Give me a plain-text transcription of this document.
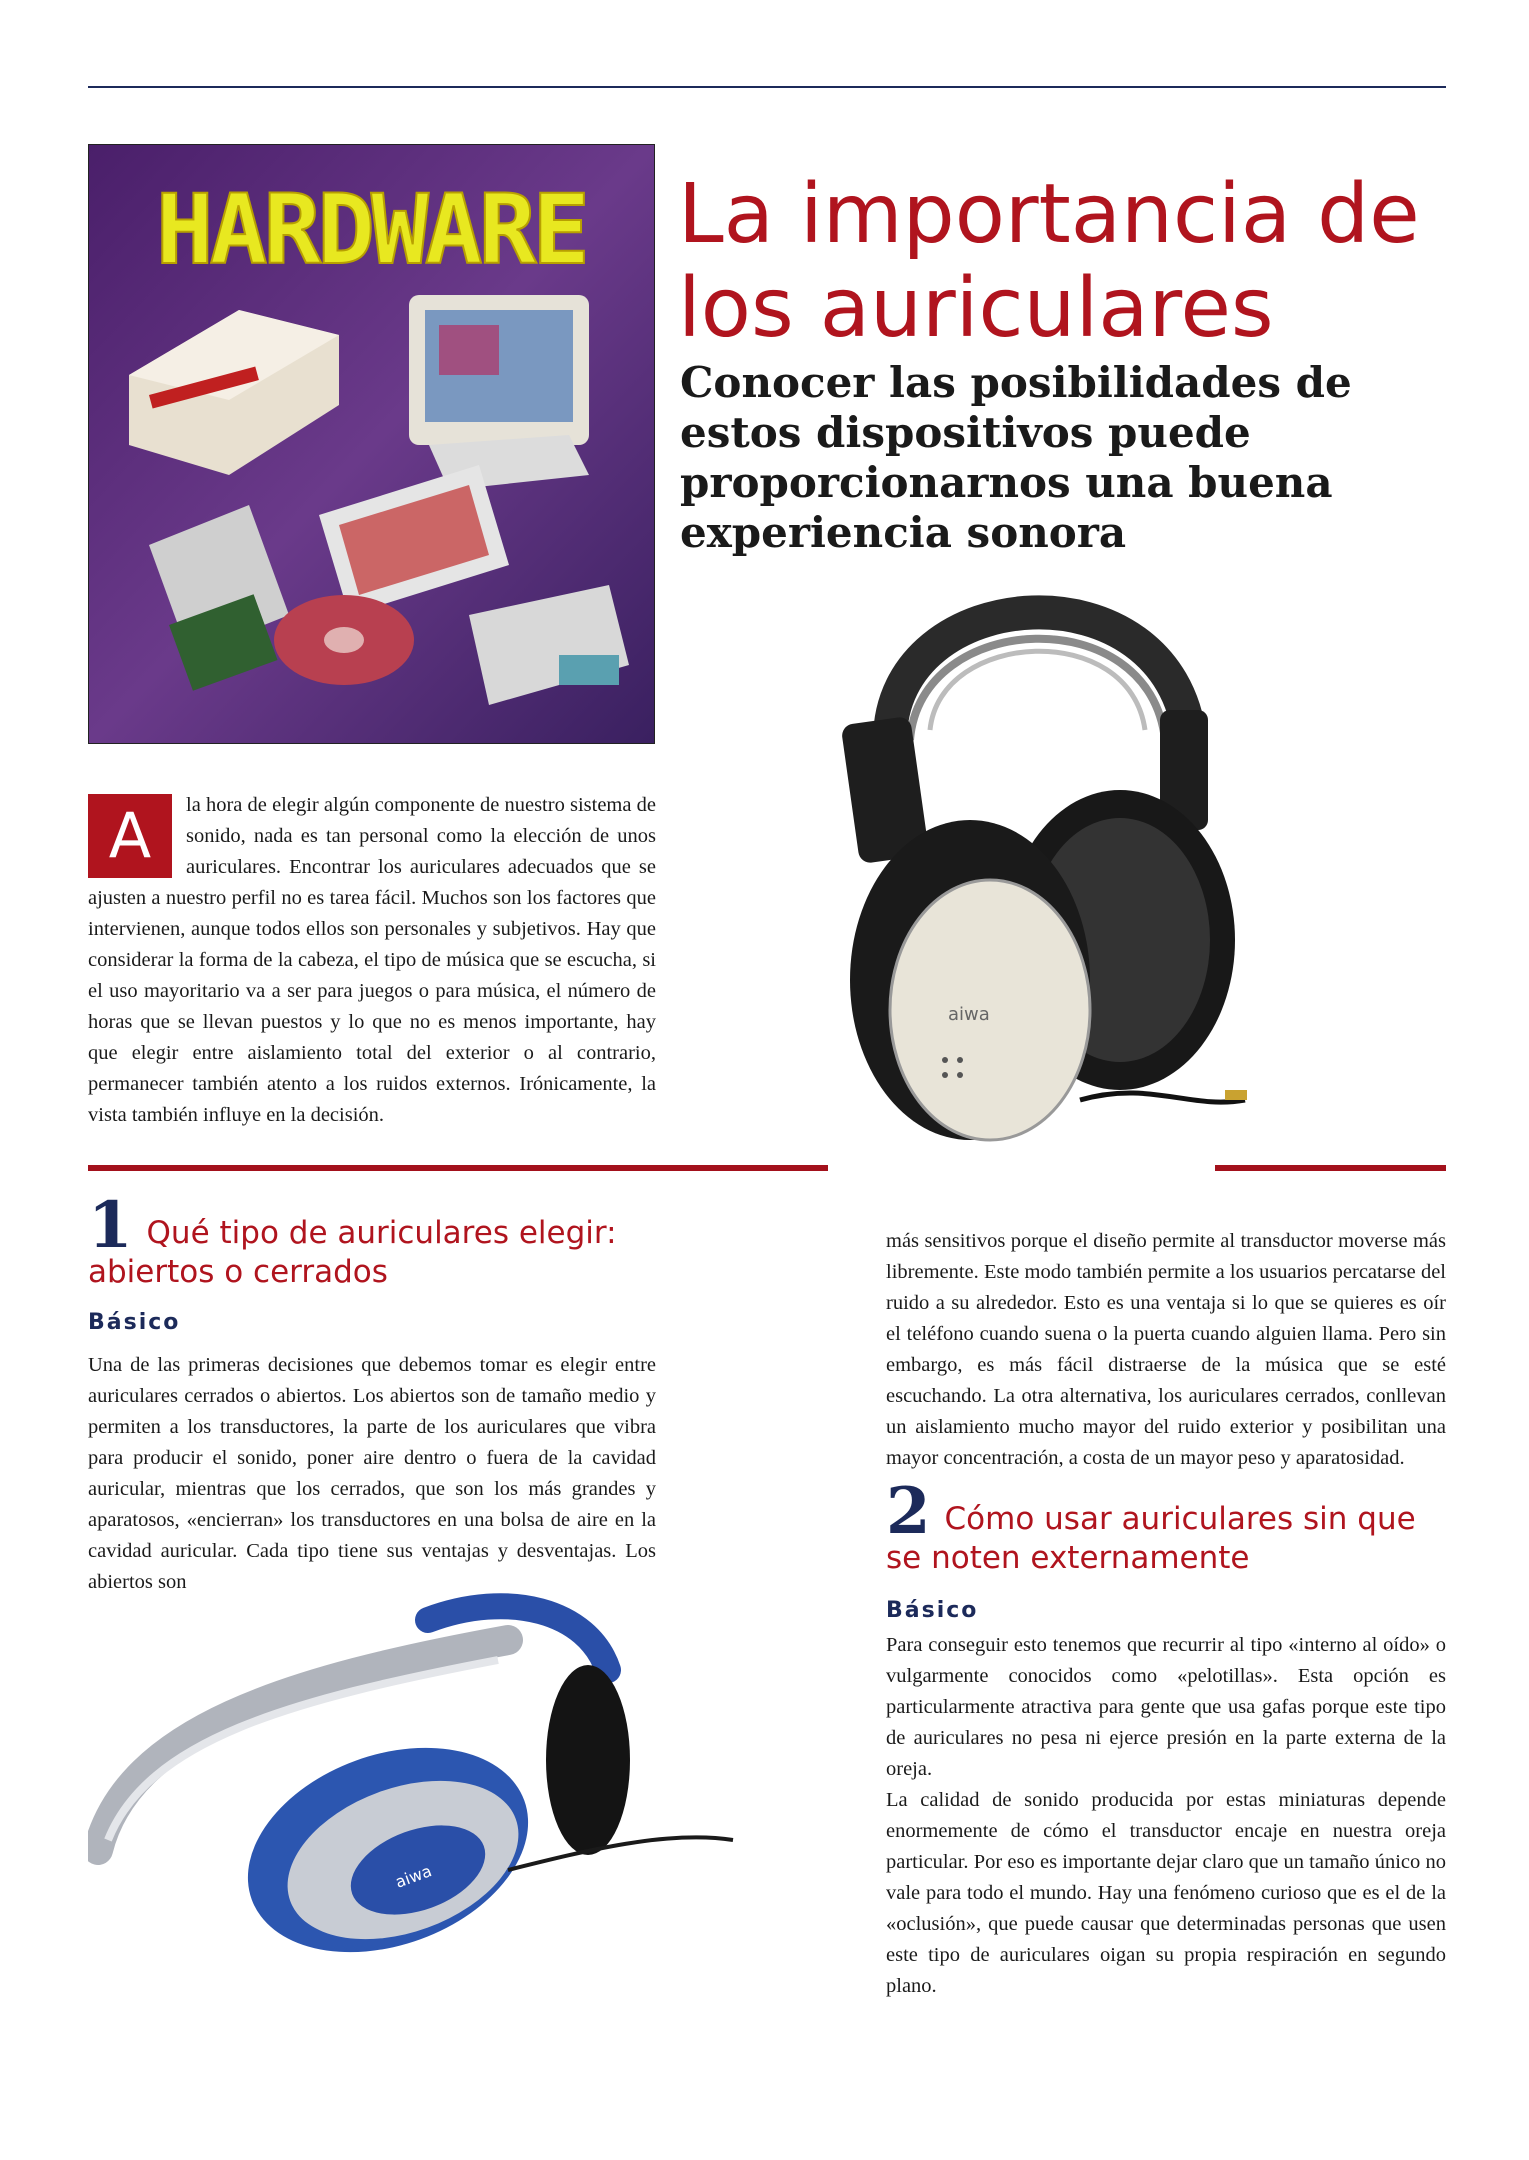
HARDWARE La importancia de los auriculares
Conocer las posibilidades de estos dispositivos puede proporcionarnos una buena experiencia sonora
A	la hora de elegir algún componente de nuestro sistema de sonido, nada es tan personal como la elección de unos auriculares. Encontrar los auriculares adecuados que se ajusten a nuestro perfil no es tarea fácil. Muchos son los factores que intervienen, aunque todos ellos son personales y subjetivos. Hay que considerar la forma de la cabeza, el tipo de música que se escucha, si el uso mayoritario va a ser para juegos o para música, el número de horas que se llevan puestos y lo que no es menos importante, hay que elegir entre aislamiento total del exterior o al contrario, permanecer también atento a los ruidos externos. Irónicamente, la vista también influye en la decisión.
aiwa
1 Qué tipo de auriculares elegir: abiertos o cerrados
Básico
Una de las primeras decisiones que debemos tomar es elegir entre auriculares cerrados o abiertos. Los abiertos son de tamaño medio y permiten a los transductores, la parte de los auriculares que vibra para producir el sonido, poner aire dentro o fuera de la cavidad auricular, mientras que los cerrados, que son los más grandes y aparatosos, «encierran» los transductores en una bolsa de aire en la cavidad auricular. Cada tipo tiene sus ventajas y desventajas. Los abiertos son
más sensitivos porque el diseño permite al transductor moverse más libremente. Este modo también permite a los usuarios percatarse del ruido a su alrededor. Esto es una ventaja si lo que se quieres es oír el teléfono cuando suena o la puerta cuando alguien llama. Pero sin embargo, es más fácil distraerse de la música que se esté escuchando. La otra alternativa, los auriculares cerrados, conllevan un aislamiento mucho mayor del ruido exterior y posibilitan una mayor concentración, a costa de un mayor peso y aparatosidad.
aiwa
2 Cómo usar auriculares sin que se noten externamente
Básico
Para conseguir esto tenemos que recurrir al tipo «interno al oído» o vulgarmente conocidos como «pelotillas». Esta opción es particularmente atractiva para gente que usa gafas porque este tipo de auriculares no pesa ni ejerce presión en la parte externa de la oreja.
La calidad de sonido producida por estas miniaturas depende enormemente de cómo el transductor encaje en nuestra oreja particular. Por eso es importante dejar claro que un tamaño único no vale para todo el mundo. Hay una fenómeno curioso que es el de la «oclusión», que puede causar que determinadas personas que usen este tipo de auriculares oigan su propia respiración en segundo plano.
